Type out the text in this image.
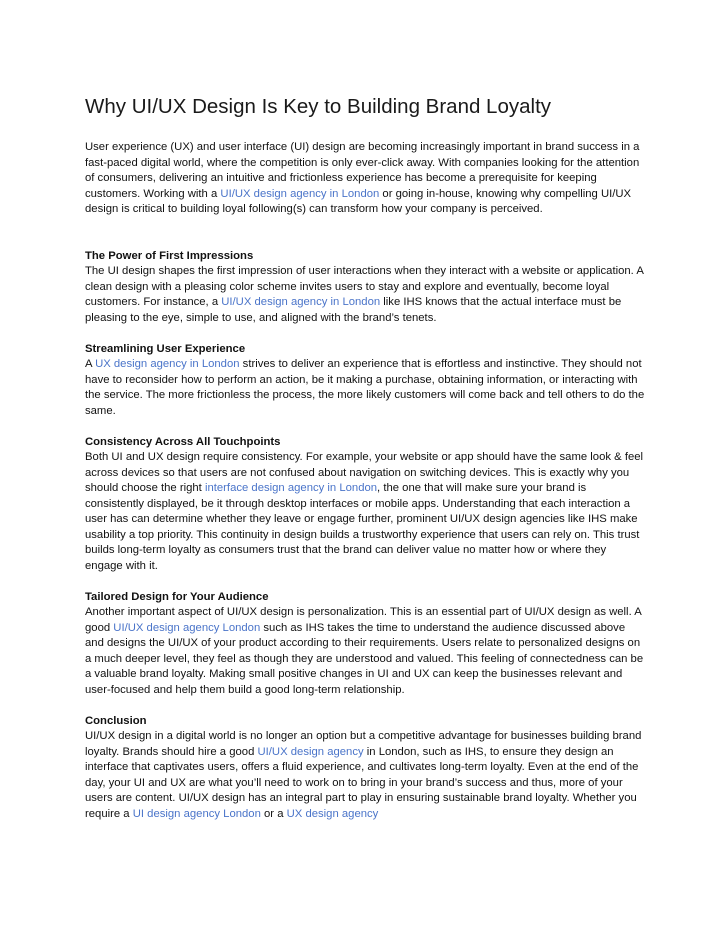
Why UI/UX Design Is Key to Building Brand Loyalty

User experience (UX) and user interface (UI) design are becoming increasingly important in brand success in a fast-paced digital world, where the competition is only ever-click away. With companies looking for the attention of consumers, delivering an intuitive and frictionless experience has become a prerequisite for keeping customers. Working with a UI/UX design agency in London or going in-house, knowing why compelling UI/UX design is critical to building loyal following(s) can transform how your company is perceived.

The Power of First Impressions
The UI design shapes the first impression of user interactions when they interact with a website or application. A clean design with a pleasing color scheme invites users to stay and explore and eventually, become loyal customers. For instance, a UI/UX design agency in London like IHS knows that the actual interface must be pleasing to the eye, simple to use, and aligned with the brand’s tenets.

Streamlining User Experience
A UX design agency in London strives to deliver an experience that is effortless and instinctive. They should not have to reconsider how to perform an action, be it making a purchase, obtaining information, or interacting with the service. The more frictionless the process, the more likely customers will come back and tell others to do the same.

Consistency Across All Touchpoints
Both UI and UX design require consistency. For example, your website or app should have the same look & feel across devices so that users are not confused about navigation on switching devices. This is exactly why you should choose the right interface design agency in London, the one that will make sure your brand is consistently displayed, be it through desktop interfaces or mobile apps. Understanding that each interaction a user has can determine whether they leave or engage further, prominent UI/UX design agencies like IHS make usability a top priority. This continuity in design builds a trustworthy experience that users can rely on. This trust builds long-term loyalty as consumers trust that the brand can deliver value no matter how or where they engage with it.

Tailored Design for Your Audience
Another important aspect of UI/UX design is personalization. This is an essential part of UI/UX design as well. A good UI/UX design agency London such as IHS takes the time to understand the audience discussed above and designs the UI/UX of your product according to their requirements. Users relate to personalized designs on a much deeper level, they feel as though they are understood and valued. This feeling of connectedness can be a valuable brand loyalty. Making small positive changes in UI and UX can keep the businesses relevant and user-focused and help them build a good long-term relationship.

Conclusion
UI/UX design in a digital world is no longer an option but a competitive advantage for businesses building brand loyalty. Brands should hire a good UI/UX design agency in London, such as IHS, to ensure they design an interface that captivates users, offers a fluid experience, and cultivates long-term loyalty. Even at the end of the day, your UI and UX are what you’ll need to work on to bring in your brand’s success and thus, more of your users are content. UI/UX design has an integral part to play in ensuring sustainable brand loyalty. Whether you require a UI design agency London or a UX design agency
